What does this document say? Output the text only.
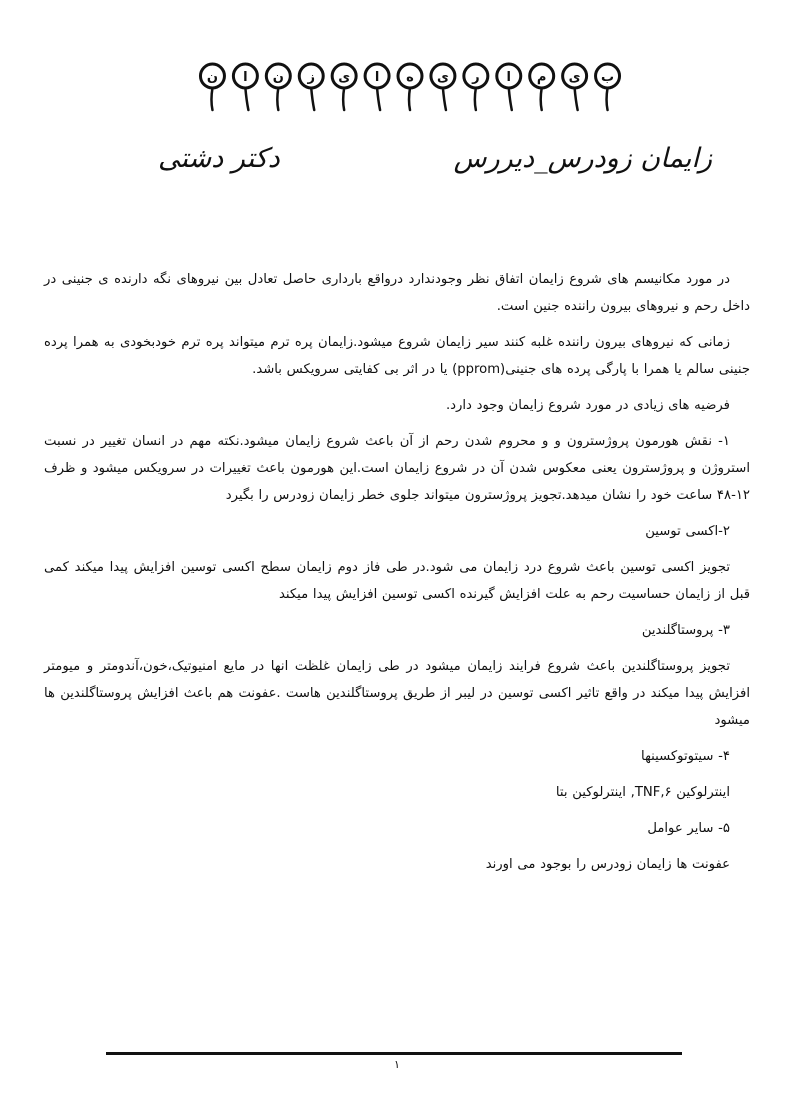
ب
ی
م
ا
ر
ی
ه
ا
ی
ز
ن
ا
ن
زایمان زودرس_دیررس
دکتر دشتی

در مورد مکانیسم های شروع زایمان اتفاق نظر وجودندارد درواقع بارداری حاصل تعادل بین نیروهای نگه دارنده ی جنینی در داخل رحم و نیروهای بیرون راننده جنین است.

زمانی که نیروهای بیرون راننده غلبه کنند سیر زایمان شروع میشود.زایمان پره ترم میتواند پره ترم خودبخودی به همرا پرده جنینی سالم یا همرا با پارگی پرده های جنینی(pprom) یا در اثر بی کفایتی سرویکس باشد.

فرضیه های زیادی در مورد شروع زایمان وجود دارد.

۱- نقش هورمون پروژسترون و و محروم شدن رحم از آن باعث شروع زایمان میشود.نکته مهم در انسان تغییر در نسبت استروژن و پروژسترون یعنی معکوس شدن آن در شروع زایمان است.این هورمون باعث تغییرات در سرویکس میشود و ظرف ۱۲-۴۸ ساعت خود را نشان میدهد.تجویز پروژسترون میتواند جلوی خطر زایمان زودرس را بگیرد

۲-اکسی توسین

تجویز اکسی توسین باعث شروع درد زایمان می شود.در طی فاز دوم زایمان سطح اکسی توسین افزایش پیدا میکند کمی قبل از زایمان حساسیت رحم به علت افزایش گیرنده اکسی توسین افزایش پیدا میکند

۳- پروستاگلندین

تجویز پروستاگلندین باعث شروع فرایند زایمان میشود در طی زایمان غلظت انها در مایع امنیوتیک،خون،آندومتر و میومتر افزایش پیدا میکند در واقع تاثیر اکسی توسین در لیبر از طریق پروستاگلندین هاست .عفونت هم باعث افزایش پروستاگلندین ها میشود

۴- سیتوتوکسینها

اینترلوکین TNF,۶, اینترلوکین بتا

۵- سایر عوامل

عفونت ها زایمان زودرس را بوجود می اورند

۱
